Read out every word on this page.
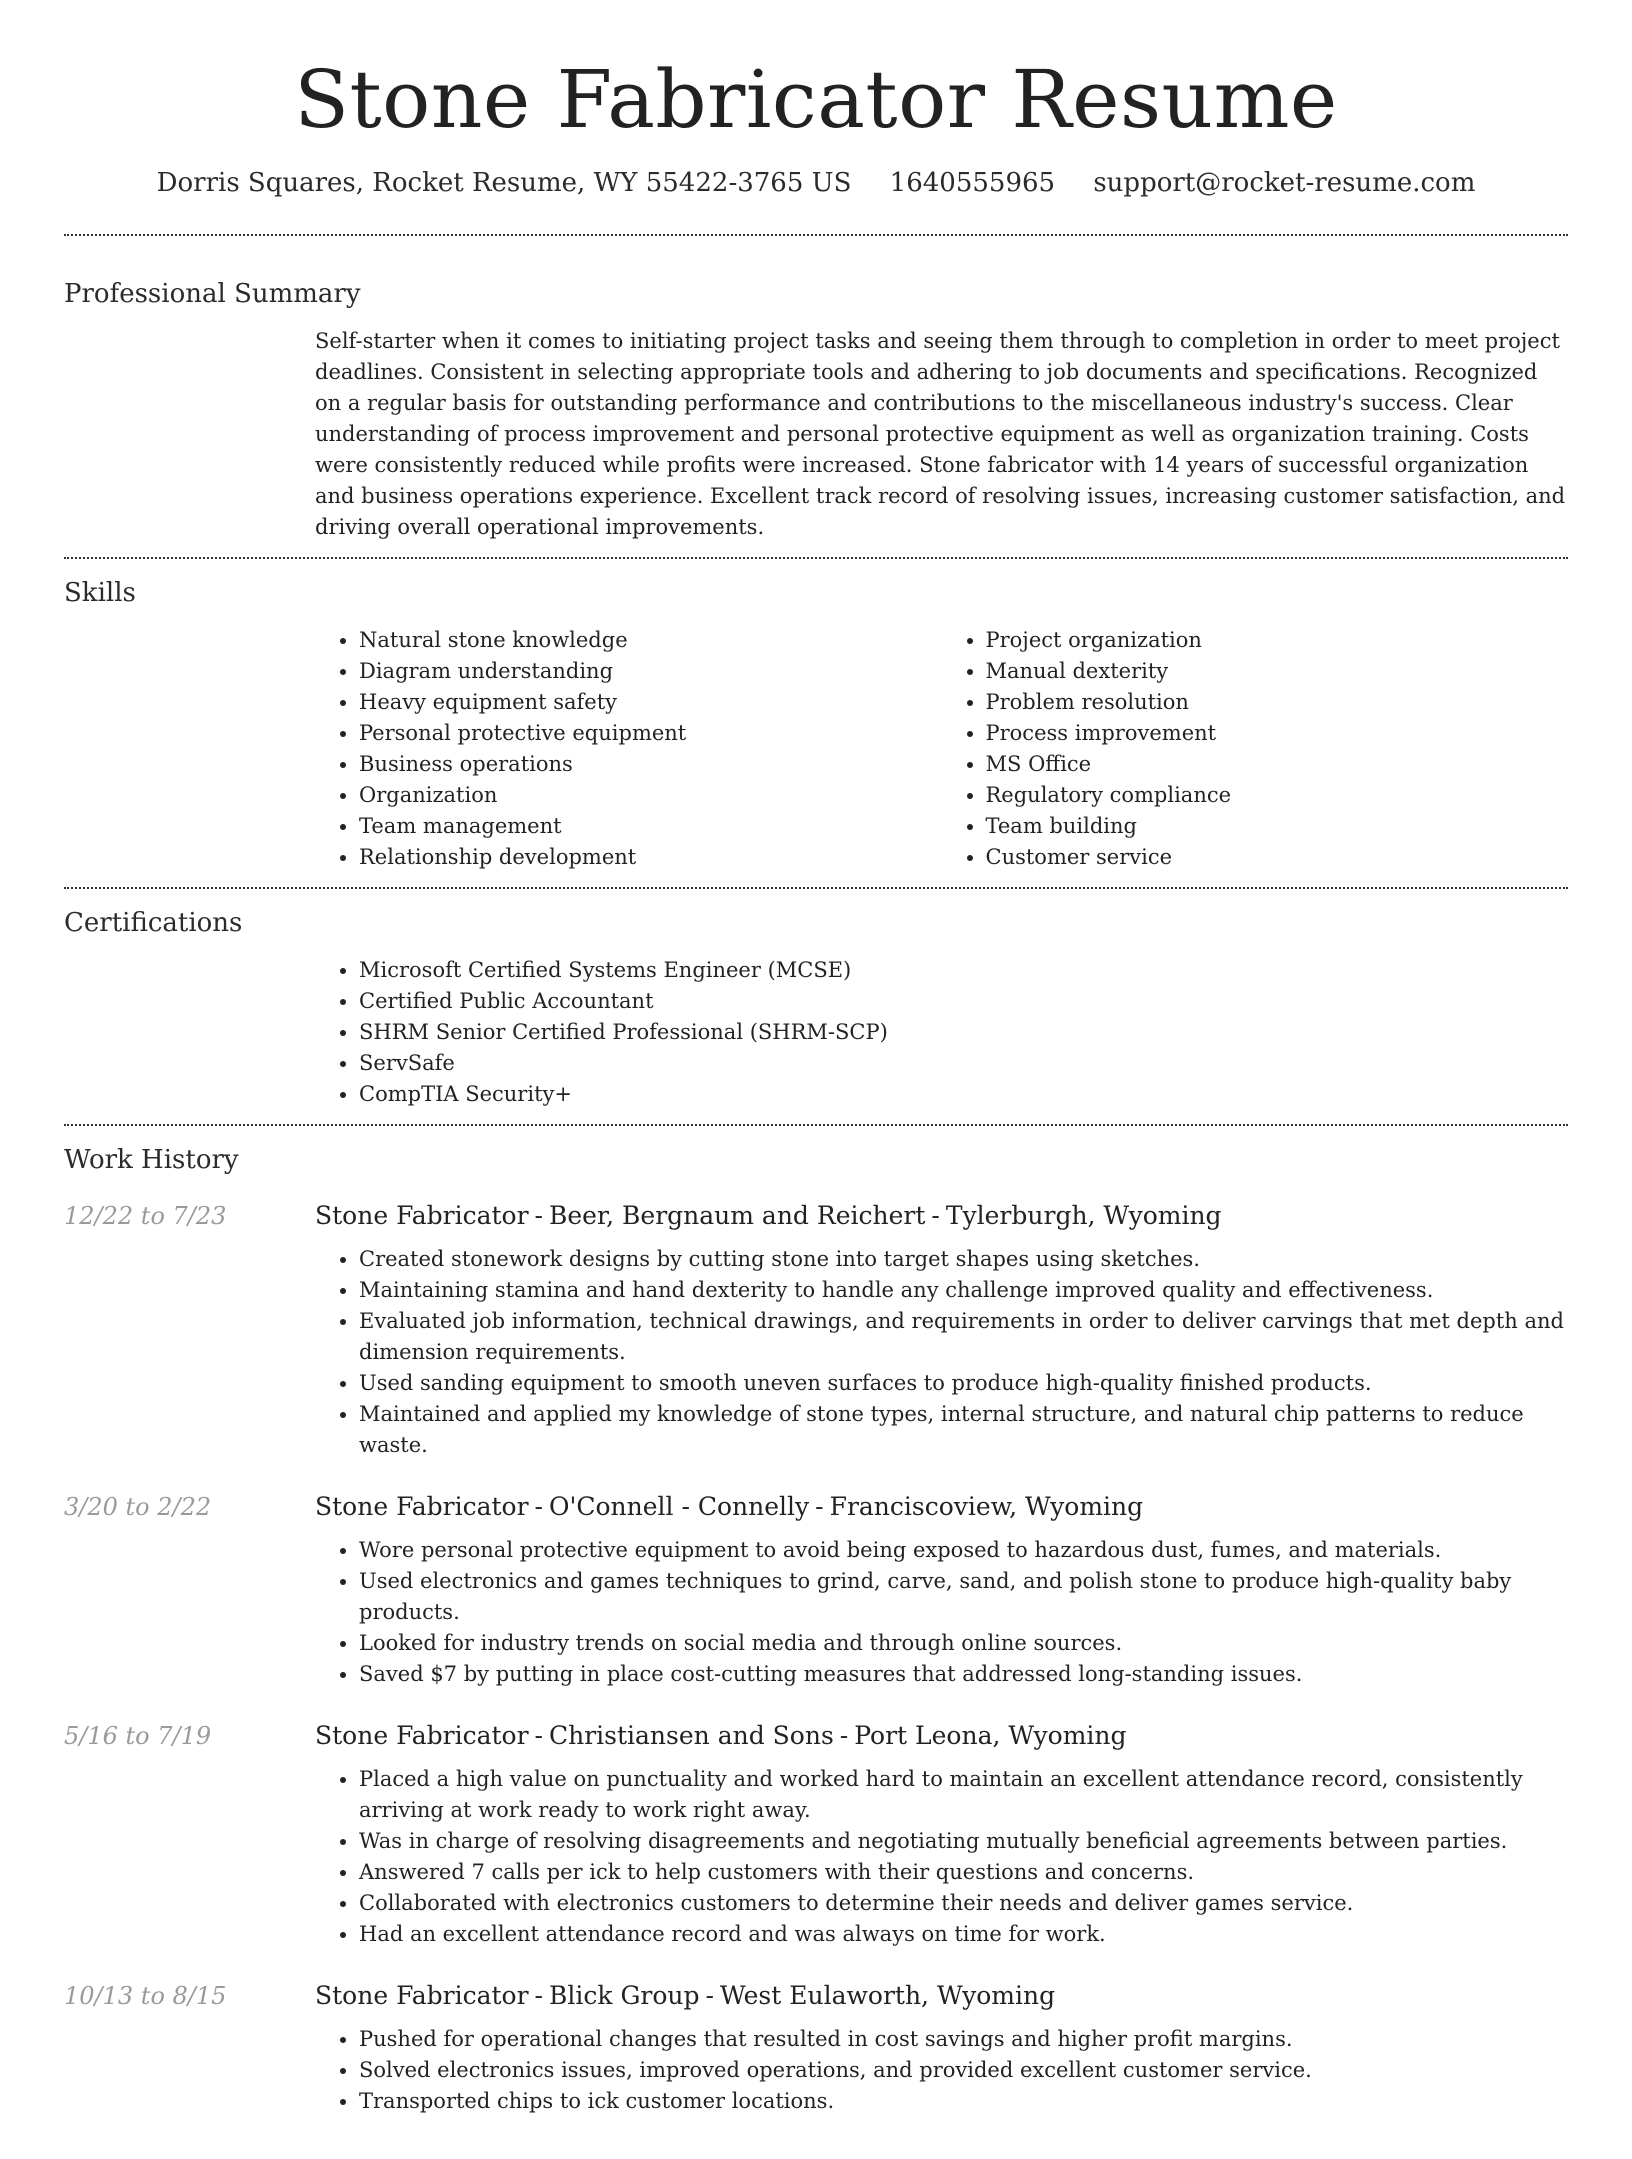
Stone Fabricator Resume
Dorris Squares, Rocket Resume, WY 55422-3765 US 1640555965 support@rocket-resume.com
Professional Summary

Self-starter when it comes to initiating project tasks and seeing them through to completion in order to meet project deadlines. Consistent in selecting appropriate tools and adhering to job documents and specifications. Recognized on a regular basis for outstanding performance and contributions to the miscellaneous industry's success. Clear understanding of process improvement and personal protective equipment as well as organization training. Costs were consistently reduced while profits were increased. Stone fabricator with 14 years of successful organization and business operations experience. Excellent track record of resolving issues, increasing customer satisfaction, and driving overall operational improvements.

Skills
• Natural stone knowledge
• Diagram understanding
• Heavy equipment safety
• Personal protective equipment
• Business operations
• Organization
• Team management
• Relationship development
• Project organization
• Manual dexterity
• Problem resolution
• Process improvement
• MS Office
• Regulatory compliance
• Team building
• Customer service
Certifications
• Microsoft Certified Systems Engineer (MCSE)
• Certified Public Accountant
• SHRM Senior Certified Professional (SHRM-SCP)
• ServSafe
• CompTIA Security+
Work History
12/22 to 7/23	Stone Fabricator - Beer, Bergnaum and Reichert - Tylerburgh, Wyoming
• Created stonework designs by cutting stone into target shapes using sketches.
• Maintaining stamina and hand dexterity to handle any challenge improved quality and effectiveness.
• Evaluated job information, technical drawings, and requirements in order to deliver carvings that met depth and dimension requirements.
• Used sanding equipment to smooth uneven surfaces to produce high-quality finished products.
• Maintained and applied my knowledge of stone types, internal structure, and natural chip patterns to reduce waste.
3/20 to 2/22	Stone Fabricator - O'Connell - Connelly - Franciscoview, Wyoming
• Wore personal protective equipment to avoid being exposed to hazardous dust, fumes, and materials.
• Used electronics and games techniques to grind, carve, sand, and polish stone to produce high-quality baby products.
• Looked for industry trends on social media and through online sources.
• Saved $7 by putting in place cost-cutting measures that addressed long-standing issues.
5/16 to 7/19	Stone Fabricator - Christiansen and Sons - Port Leona, Wyoming
• Placed a high value on punctuality and worked hard to maintain an excellent attendance record, consistently arriving at work ready to work right away.
• Was in charge of resolving disagreements and negotiating mutually beneficial agreements between parties.
• Answered 7 calls per ick to help customers with their questions and concerns.
• Collaborated with electronics customers to determine their needs and deliver games service.
• Had an excellent attendance record and was always on time for work.
10/13 to 8/15	Stone Fabricator - Blick Group - West Eulaworth, Wyoming
• Pushed for operational changes that resulted in cost savings and higher profit margins.
• Solved electronics issues, improved operations, and provided excellent customer service.
• Transported chips to ick customer locations.
